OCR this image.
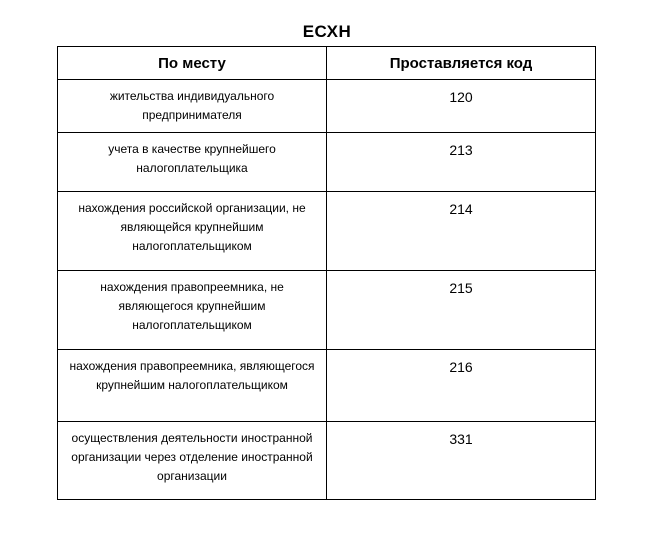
ЕСХН
По месту	Проставляется код
жительства индивидуального предпринимателя	120
учета в качестве крупнейшего налогоплательщика	213
нахождения российской организации, не являющейся крупнейшим налогоплательщиком	214
нахождения правопреемника, не являющегося крупнейшим налогоплательщиком	215
нахождения правопреемника, являющегося крупнейшим налогоплательщиком	216
осуществления деятельности иностранной организации через отделение иностранной организации	331
